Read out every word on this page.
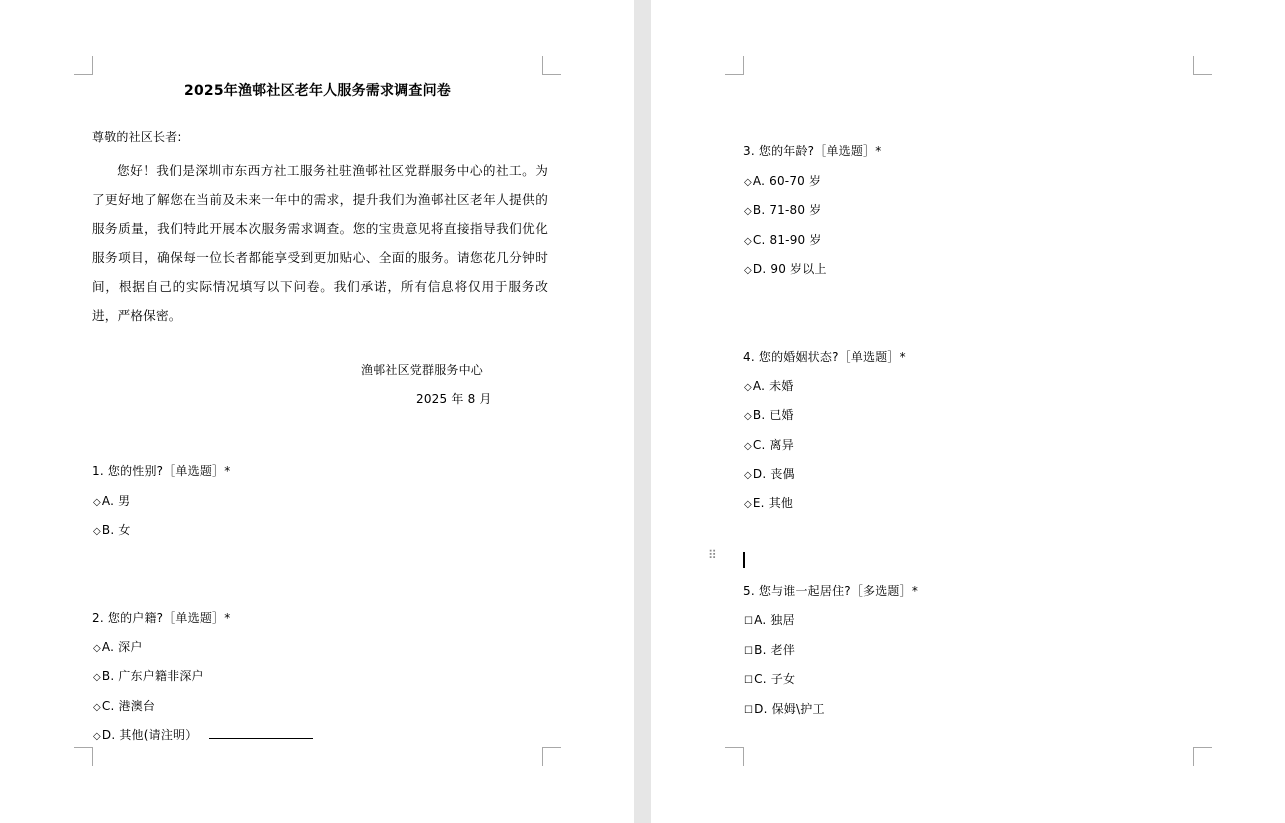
2025年渔邨社区老年人服务需求调查问卷
尊敬的社区长者:
您好！我们是深圳市东西方社工服务社驻渔邨社区党群服务中心的社工。为了更好地了解您在当前及未来一年中的需求，提升我们为渔邨社区老年人提供的服务质量，我们特此开展本次服务需求调查。您的宝贵意见将直接指导我们优化服务项目，确保每一位长者都能享受到更加贴心、全面的服务。请您花几分钟时间，根据自己的实际情况填写以下问卷。我们承诺，所有信息将仅用于服务改进，严格保密。
渔邨社区党群服务中心
2025 年 8 月
1. 您的性别?［单选题］*
◇A. 男
◇B. 女
2. 您的户籍?［单选题］*
◇A. 深户
◇B. 广东户籍非深户
◇C. 港澳台
◇D. 其他(请注明）
3. 您的年龄?［单选题］*
◇A. 60-70 岁
◇B. 71-80 岁
◇C. 81-90 岁
◇D. 90 岁以上
4. 您的婚姻状态?［单选题］*
◇A. 未婚
◇B. 已婚
◇C. 离异
◇D. 丧偶
◇E. 其他
5. 您与谁一起居住?［多选题］*
☐A. 独居
☐B. 老伴
☐C. 子女
☐D. 保姆\护工
⠿
